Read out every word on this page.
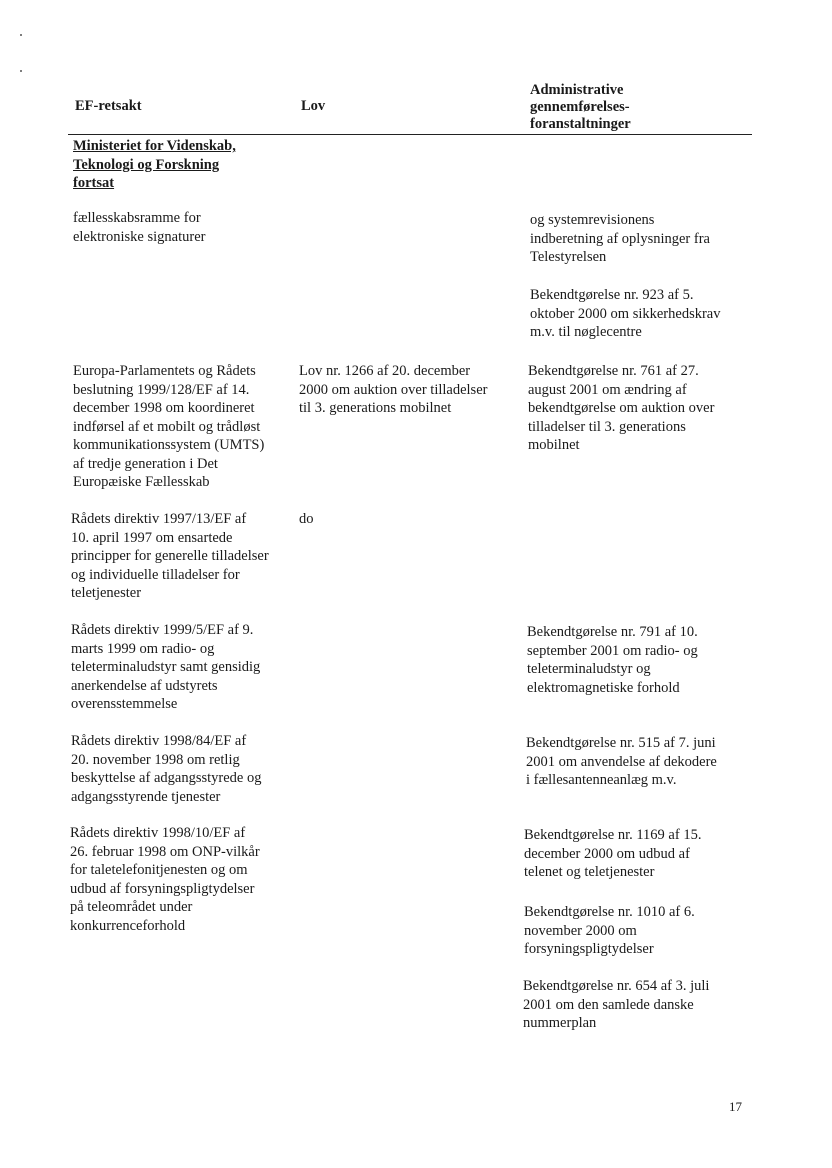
EF-retsakt	Lov
Administrative
gennemførelses-
foranstaltninger
Ministeriet for Videnskab,
Teknologi og Forskning
fortsat
fællesskabsramme for
elektroniske signaturer
og systemrevisionens
indberetning af oplysninger fra
Telestyrelsen
Bekendtgørelse nr. 923 af 5.
oktober 2000 om sikkerhedskrav
m.v. til nøglecentre
Europa-Parlamentets og Rådets
beslutning 1999/128/EF af 14.
december 1998 om koordineret
indførsel af et mobilt og trådløst
kommunikationssystem (UMTS)
af tredje generation i Det
Europæiske Fællesskab
Lov nr. 1266 af 20. december
2000 om auktion over tilladelser
til 3. generations mobilnet
Bekendtgørelse nr. 761 af 27.
august 2001 om ændring af
bekendtgørelse om auktion over
tilladelser til 3. generations
mobilnet
Rådets direktiv 1997/13/EF af
10. april 1997 om ensartede
principper for generelle tilladelser
og individuelle tilladelser for
teletjenester
do
Rådets direktiv 1999/5/EF af 9.
marts 1999 om radio- og
teleterminaludstyr samt gensidig
anerkendelse af udstyrets
overensstemmelse
Bekendtgørelse nr. 791 af 10.
september 2001 om radio- og
teleterminaludstyr og
elektromagnetiske forhold
Rådets direktiv 1998/84/EF af
20. november 1998 om retlig
beskyttelse af adgangsstyrede og
adgangsstyrende tjenester
Bekendtgørelse nr. 515 af 7. juni
2001 om anvendelse af dekodere
i fællesantenneanlæg m.v.
Rådets direktiv 1998/10/EF af
26. februar 1998 om ONP-vilkår
for taletelefonitjenesten og om
udbud af forsyningspligtydelser
på teleområdet under
konkurrenceforhold
Bekendtgørelse nr. 1169 af 15.
december 2000 om udbud af
telenet og teletjenester
Bekendtgørelse nr. 1010 af 6.
november 2000 om
forsyningspligtydelser
Bekendtgørelse nr. 654 af 3. juli
2001 om den samlede danske
nummerplan
17
